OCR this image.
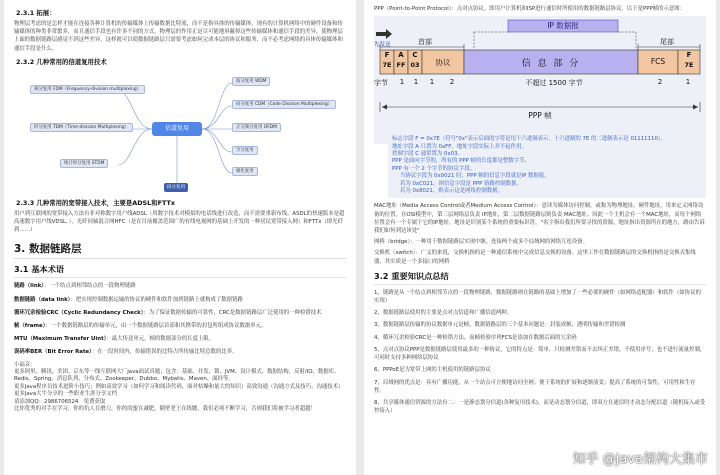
2.3.1 拓展：
物理层考虑的是怎样才能在连接各种计算机的传输媒体上传输数据比特流，而不是指具体的传输媒体。现有的计算机网络中的硬件设备和传输媒体的种类非常繁多，而且通信手段也有许多不同的方式。物理层的作用正是尽可能地屏蔽掉这些传输媒体和通信手段的差异，使物理层上面的数据链路层感觉不到这些差异，这样就可以使数据链路层只需要考虑如何完成本层的协议和服务，而不必考虑网络的具体传输媒体和通信手段是什么。
2.3.2 几种常用的信道复用技术
频分复用 FDM（Frequency-division multiplexing）
时分复用 TDM（Time-division Multiplexing）
统计时分复用 STDM
信道复用
波分复用 WDM
码分复用 CDM（Code Division Multiplexing）
正交频分复用 OFDM
空分复用
极化复用
码分复用
2.3.3 几种常用的宽带接入技术，主要是ADSL和FTTx
用户到互联网的宽带接入方法有非对称数字用户线ADSL（用数字技术对模拟的电话线进行改造，而不需要重新布线。ASDL的快速版本是超高速数字用户线VDSL。），光纤同轴混合网HFC（是在目前覆盖范围广的有线电视网的基础上开发的一种居民宽带接入网）和FTTx（即光纤到……）
3. 数据链路层
3.1 基本术语
链路（link）：一个结点到相邻结点的一段物理链路
数据链路（data link）：把实现控制数据运输的协议的硬件和软件加到链路上就构成了数据链路
循环冗余检验CRC（Cyclic Redundancy Check）：为了保证数据传输的可靠性，CRC是数据链路层广泛使用的一种检错技术
帧（frame）：一个数据链路层的传输单元，由一个数据链路层首部和其携带的封包所组成协议数据单元。
MTU（Maximum Transfer Uint）：最大传送单元。帧的数据部分的长度上限。
误码率BER（Bit Error Rate）：在一段时间内，传输错误的比特占所传输比特总数的比率。
小福音：
更多阿里、腾讯、美团、京东等一线互联网大厂Java面试真题；包含：基础、并发、锁、JVM、设计模式、数据结构、反射/IO、数据库、Redis、Spring、消息队列、分布式、Zookeeper、Dubbo、Mybatis、Maven、面经等。
更多Java程序员技术进阶小技巧；例如高效学习（如何学习和阅读代码、面对枯燥和量大的知识）高效沟通（沟通方式及技巧、沟通技术）
更多Java大牛分享的一些职业生涯分享文档
请添加QQ：2986706524　免费获取
比你优秀的对手在学习，你的仇人在磨刀，你的闺蜜在减肥，隔壁老王在练腰，我们必须不断学习，否则我们将被学习者超越！
PPP（Point-to-Point Protocol）：点对点协议。即用户计算机和ISP进行通信时所使用的数据链路层协议。以下是PPP帧的示意图：
IP 数据报
先发送	首部	尾部
F	A	C	F
7E FF 03	协议	信 息 部 分	FCS	7E
字节	1	1	1	2	不超过 1500 字节	2	1
PPP 帧
标志字段 F = 0x7E（符号"0x"表示后面的字符是用十六进制表示。十六进制的 7E 的二进制表示是 01111110）。
地址字段 A 只置为 0xFF。地址字段实际上并不起作用。
控制字段 C 通常置为 0x03。
PPP 是面向字节的，所有的 PPP 帧的长度都是整数字节。
PPP 有一个 2 个字节的协议字段。
当协议字段为 0x0021 时，PPP 帧的信息字段就是IP 数据报。
若为 0xC021，则信息字段是 PPP 链路控制数据。
若为 0x8021，则表示这是网络控制数据。
MAC地址（Media Access Control或者Medium Access Control）：意译为媒体访问控制，或称为物理地址、硬件地址，用来定义网络设备的位置。在OSI模型中，第三层网络层负责 IP地址，第二层数据链路层则负责 MAC地址。因此一个主机会有一个MAC地址，而每个网络位置会有一个专属于它的IP地址。地址是识别某个系统的重要标识符，"名字指出我们所要寻找的资源，地址指出资源所在的地方，路由告诉我们如何到达该处"
网桥（bridge）：一种用于数据链路层实现中继，连接两个或多个局域网的网络互连设备。
交换机（switch）：广义的来说，交换机指的是一种通信系统中完成信息交换的设备。这里工作在数据链路层的交换机指的是交换式集线器，其实质是一个多接口的网桥
3.2 重要知识点总结
1，链路是从一个结点到相邻节点的一段物理链路，数据链路则在链路的基础上增加了一些必要的硬件（如网络适配器）和软件（如协议的实现）
2，数据链路层使用的主要是点对点信道和广播信道两种。
3，数据链路层传输的协议数据单元是帧。数据链路层的三个基本问题是：封装成帧、透明传输和差错检测
4，循环冗余检验CRC是一种检错方法，而帧检验序列FCS是添加在数据后面的冗余码
5，点对点协议PPP是数据链路层使用最多的一种协议，它的特点是：简单，只检测差错而不去纠正差错，不使用序号，也不进行流量控制，可同时支持多种网络层协议
6，PPPoE是为宽带上网的主机使用的链路层协议
7，局域网的优点是：具有广播功能，从一个站点可方便地访问全网；便于系统的扩展和逐渐演变；提高了系统的可靠性，可用性和生存性。
8，共享媒体通信资源的方法有二：一是静态划分信道(各种复用技术)，而是动态划分信道，即双方在通信时才动态分配信道（随机接入或受控接入）
知乎 @java架构大集市
